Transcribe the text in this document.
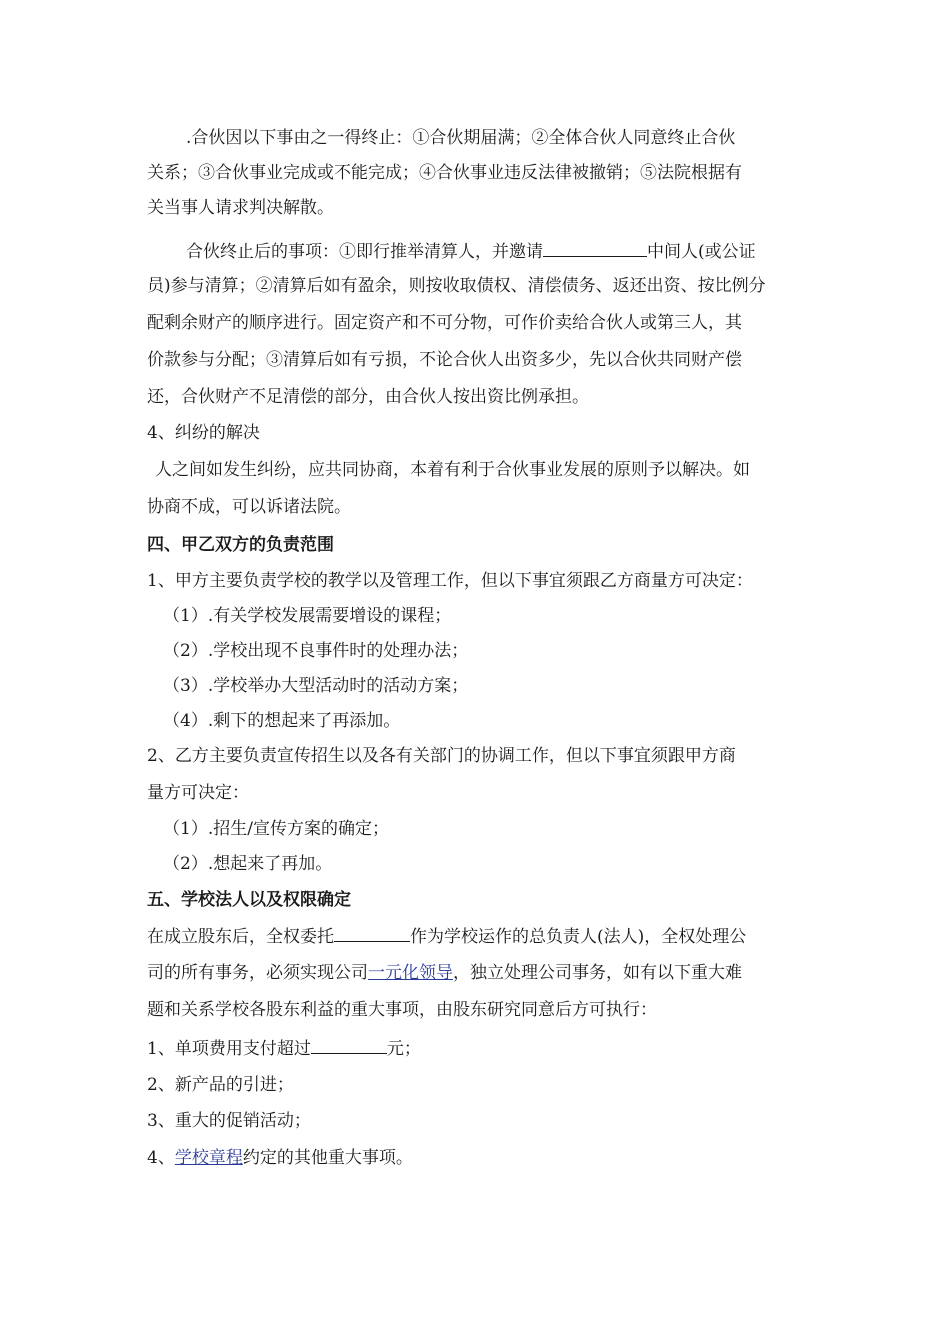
.合伙因以下事由之一得终止：①合伙期届满；②全体合伙人同意终止合伙
关系；③合伙事业完成或不能完成；④合伙事业违反法律被撤销；⑤法院根据有
关当事人请求判决解散。
合伙终止后的事项：①即行推举清算人，并邀请	中间人(或公证
员)参与清算；②清算后如有盈余，则按收取债权、清偿债务、返还出资、按比例分
配剩余财产的顺序进行。固定资产和不可分物，可作价卖给合伙人或第三人，其
价款参与分配；③清算后如有亏损，不论合伙人出资多少，先以合伙共同财产偿
还，合伙财产不足清偿的部分，由合伙人按出资比例承担。
4、纠纷的解决
人之间如发生纠纷，应共同协商，本着有利于合伙事业发展的原则予以解决。如
协商不成，可以诉诸法院。
四、甲乙双方的负责范围
1、甲方主要负责学校的教学以及管理工作，但以下事宜须跟乙方商量方可决定：
（1）.有关学校发展需要增设的课程；
（2）.学校出现不良事件时的处理办法；
（3）.学校举办大型活动时的活动方案；
（4）.剩下的想起来了再添加。
2、乙方主要负责宣传招生以及各有关部门的协调工作，但以下事宜须跟甲方商
量方可决定：
（1）.招生/宣传方案的确定；
（2）.想起来了再加。
五、学校法人以及权限确定
在成立股东后，全权委托	作为学校运作的总负责人(法人)，全权处理公
司的所有事务，必须实现公司一元化领导，独立处理公司事务，如有以下重大难
题和关系学校各股东利益的重大事项，由股东研究同意后方可执行：
1、单项费用支付超过	元；
2、新产品的引进；
3、重大的促销活动；
4、学校章程约定的其他重大事项。
